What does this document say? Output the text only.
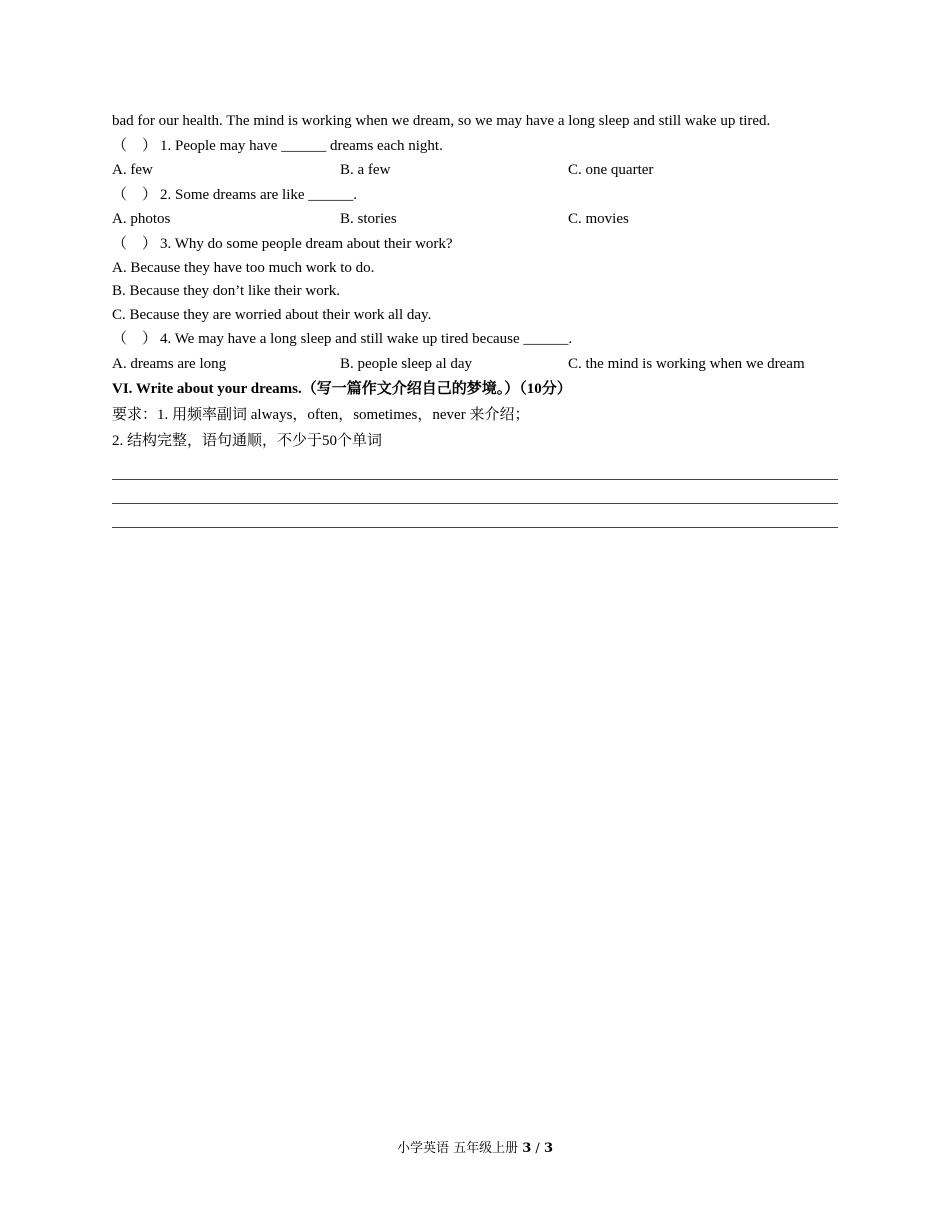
bad for our health. The mind is working when we dream, so we may have a long sleep and still wake up tired.
（　） 1. People may have ______ dreams each night.
A. few	B. a few	C. one quarter
（　） 2. Some dreams are like ______.
A. photos	B. stories	C. movies
（　） 3. Why do some people dream about their work?
A. Because they have too much work to do.
B. Because they don’t like their work.
C. Because they are worried about their work all day.
（　） 4. We may have a long sleep and still wake up tired because ______.
A. dreams are long	B. people sleep al day	C. the mind is working when we dream
VI. Write about your dreams.（写一篇作文介绍自己的梦境。）（10分）
要求：1. 用频率副词 always，often，sometimes，never 来介绍；
2. 结构完整，语句通顺，不少于50个单词
小学英语 五年级上册 3 / 3
